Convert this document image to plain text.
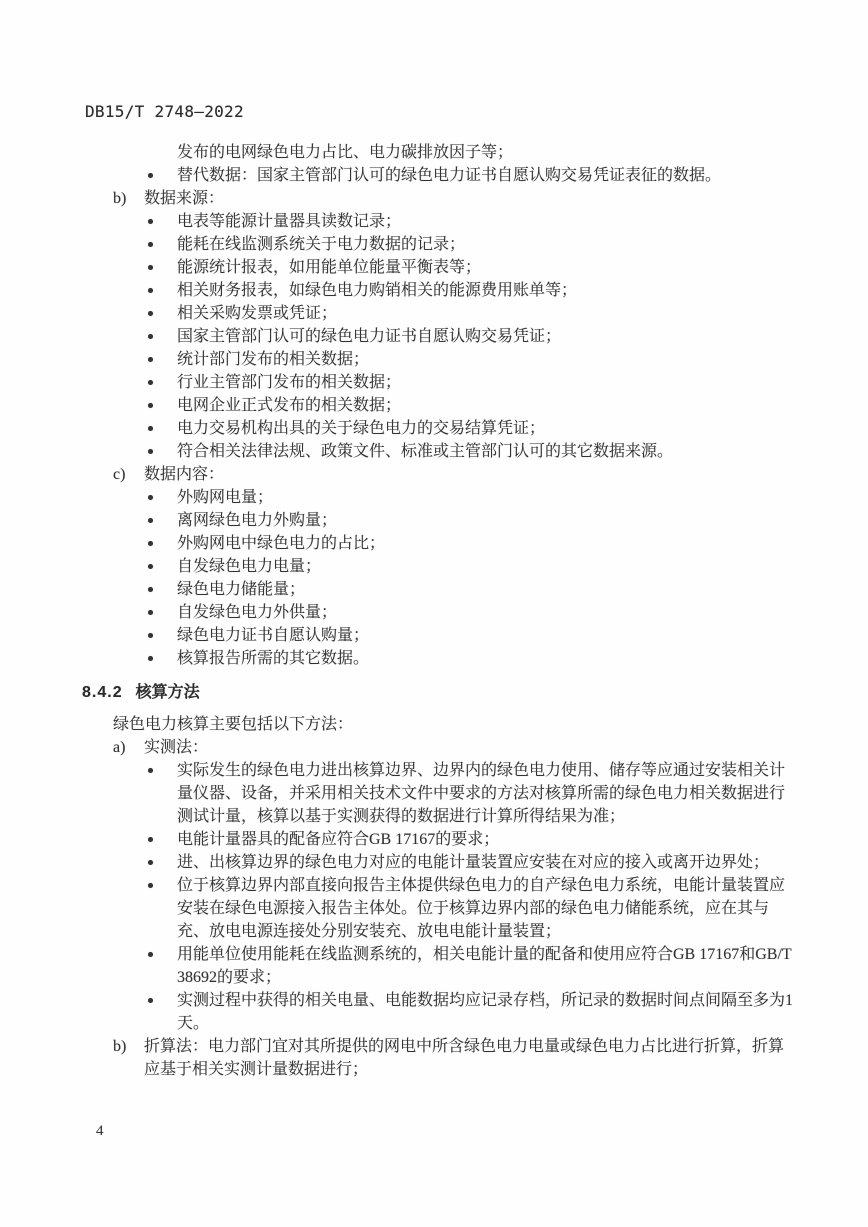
DB15/T 2748—2022
发布的电网绿色电力占比、电力碳排放因子等；
替代数据：国家主管部门认可的绿色电力证书自愿认购交易凭证表征的数据。
b) 数据来源：
电表等能源计量器具读数记录；
能耗在线监测系统关于电力数据的记录；
能源统计报表，如用能单位能量平衡表等；
相关财务报表，如绿色电力购销相关的能源费用账单等；
相关采购发票或凭证；
国家主管部门认可的绿色电力证书自愿认购交易凭证；
统计部门发布的相关数据；
行业主管部门发布的相关数据；
电网企业正式发布的相关数据；
电力交易机构出具的关于绿色电力的交易结算凭证；
符合相关法律法规、政策文件、标准或主管部门认可的其它数据来源。
c) 数据内容：
外购网电量；
离网绿色电力外购量；
外购网电中绿色电力的占比；
自发绿色电力电量；
绿色电力储能量；
自发绿色电力外供量；
绿色电力证书自愿认购量；
核算报告所需的其它数据。
8.4.2 核算方法
绿色电力核算主要包括以下方法：
a) 实测法：
实际发生的绿色电力进出核算边界、边界内的绿色电力使用、储存等应通过安装相关计量仪器、设备，并采用相关技术文件中要求的方法对核算所需的绿色电力相关数据进行测试计量，核算以基于实测获得的数据进行计算所得结果为准；
电能计量器具的配备应符合GB 17167的要求；
进、出核算边界的绿色电力对应的电能计量装置应安装在对应的接入或离开边界处；
位于核算边界内部直接向报告主体提供绿色电力的自产绿色电力系统，电能计量装置应安装在绿色电源接入报告主体处。位于核算边界内部的绿色电力储能系统，应在其与充、放电电源连接处分别安装充、放电电能计量装置；
用能单位使用能耗在线监测系统的，相关电能计量的配备和使用应符合GB 17167和GB/T 38692的要求；
实测过程中获得的相关电量、电能数据均应记录存档，所记录的数据时间点间隔至多为1天。
b) 折算法：电力部门宜对其所提供的网电中所含绿色电力电量或绿色电力占比进行折算，折算应基于相关实测计量数据进行；
4
